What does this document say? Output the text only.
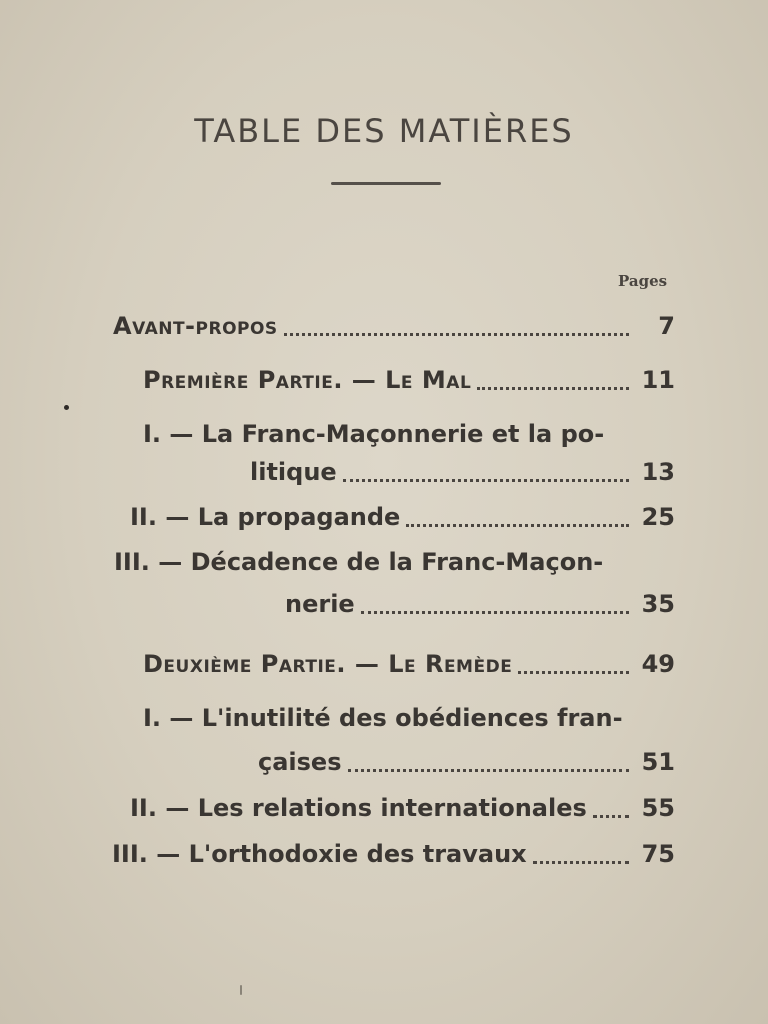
TABLE DES MATIÈRES
Pages
Avant-propos	7
Première Partie. — Le Mal	11
I. — La Franc-Maçonnerie et la po-
litique	13
II. — La propagande	25
III. — Décadence de la Franc-Maçon-
nerie	35
Deuxième Partie. — Le Remède	49
I. — L'inutilité des obédiences fran-
çaises	51
II. — Les relations internationales 55
III. — L'orthodoxie des travaux	75
